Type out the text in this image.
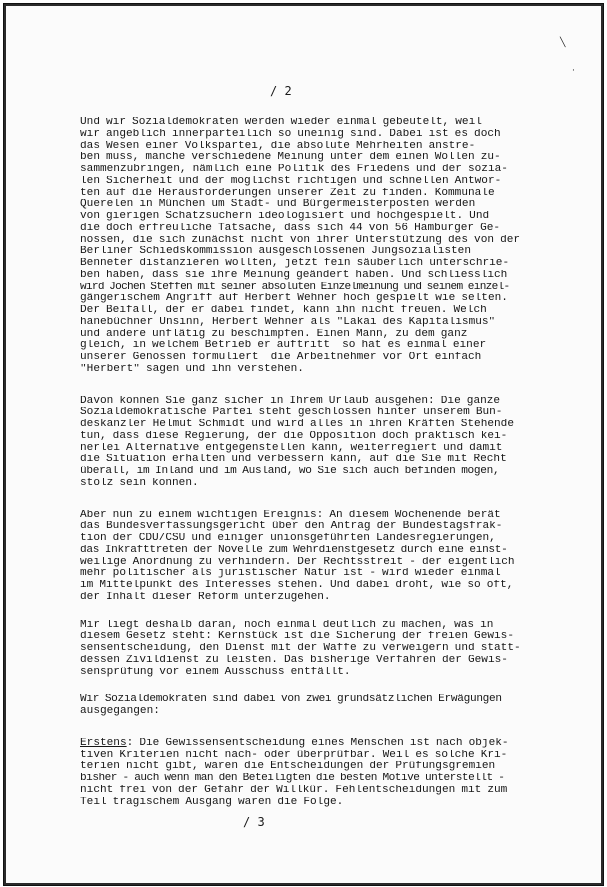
╲
·
/ 2
Und wir Sozialdemokraten werden wieder einmal gebeutelt, weil
wir angeblich innerparteilich so uneinig sind. Dabei ist es doch
das Wesen einer Volkspartei, die absolute Mehrheiten anstre-
ben muss, manche verschiedene Meinung unter dem einen Wollen zu-
sammenzubringen, nämlich eine Politik des Friedens und der sozia-
len Sicherheit und der möglichst richtigen und schnellen Antwor-
ten auf die Herausforderungen unserer Zeit zu finden. Kommunale
Querelen in München um Stadt- und Bürgermeisterposten werden
von gierigen Schatzsuchern ideologisiert und hochgespielt. Und
die doch erfreuliche Tatsache, dass sich 44 von 56 Hamburger Ge-
nossen, die sich zunächst nicht von ihrer Unterstützung des von der
Berliner Schiedskommission ausgeschlossenen Jungsozialisten
Benneter distanzieren wollten, jetzt fein säuberlich unterschrie-
ben haben, dass sie ihre Meinung geändert haben. Und schliesslich
wird Jochen Steffen mit seiner absoluten Einzelmeinung und seinem einzel-
gängerischem Angriff auf Herbert Wehner hoch gespielt wie selten.
Der Beifall, der er dabei findet, kann ihn nicht freuen. Welch
hanebüchner Unsinn, Herbert Wehner als "Lakai des Kapitalismus"
und andere unflätig zu beschimpfen. Einen Mann, zu dem ganz
gleich, in welchem Betrieb er auftritt  so hat es einmal einer
unserer Genossen formuliert  die Arbeitnehmer vor Ort einfach
"Herbert" sagen und ihn verstehen.
Davon können Sie ganz sicher in Ihrem Urlaub ausgehen: Die ganze
Sozialdemokratische Partei steht geschlossen hinter unserem Bun-
deskanzler Helmut Schmidt und wird alles in ihren Kräften Stehende
tun, dass diese Regierung, der die Opposition doch praktisch kei-
nerlei Alternative entgegenstellen kann, weiterregiert und damit
die Situation erhalten und verbessern kann, auf die Sie mit Recht
überall, im Inland und im Ausland, wo Sie sich auch befinden mögen,
stolz sein können.
Aber nun zu einem wichtigen Ereignis: An diesem Wochenende berät
das Bundesverfassungsgericht über den Antrag der Bundestagsfrak-
tion der CDU/CSU und einiger unionsgeführten Landesregierungen,
das Inkrafttreten der Novelle zum Wehrdienstgesetz durch eine einst-
weilige Anordnung zu verhindern. Der Rechtsstreit - der eigentlich
mehr politischer als juristischer Natur ist - wird wieder einmal
im Mittelpunkt des Interesses stehen. Und dabei droht, wie so oft,
der Inhalt dieser Reform unterzugehen.
Mir liegt deshalb daran, noch einmal deutlich zu machen, was in
diesem Gesetz steht: Kernstück ist die Sicherung der freien Gewis-
sensentscheidung, den Dienst mit der Waffe zu verweigern und statt-
dessen Zivildienst zu leisten. Das bisherige Verfahren der Gewis-
sensprüfung vor einem Ausschuss entfällt.
Wir Sozialdemokraten sind dabei von zwei grundsätzlichen Erwägungen
ausgegangen:
Erstens: Die Gewissensentscheidung eines Menschen ist nach objek-
tiven Kriterien nicht nach- oder überprüfbar. Weil es solche Kri-
terien nicht gibt, waren die Entscheidungen der Prüfungsgremien
bisher - auch wenn man den Beteiligten die besten Motive unterstellt -
nicht frei von der Gefahr der Willkür. Fehlentscheidungen mit zum
Teil tragischem Ausgang waren die Folge.
/ 3
